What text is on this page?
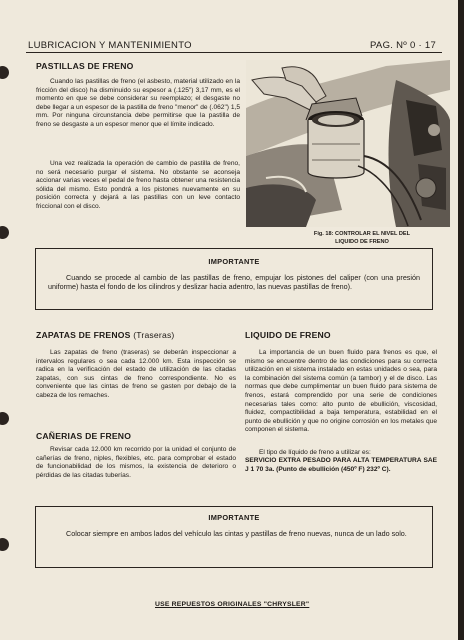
LUBRICACION Y MANTENIMIENTO	PAG. Nº 0 · 17
PASTILLAS DE FRENO
Cuando las pastillas de freno (el asbesto, material utilizado en la fricción del disco) ha disminuido su espesor a (.125") 3,17 mm, es el momento en que se debe considerar su reemplazo; el desgaste no debe llegar a un espesor de la pastilla de freno "menor" de (.062") 1,5 mm. Por ninguna circunstancia debe permitirse que la pastilla de freno se desgaste a un espesor menor que el límite indicado.
Una vez realizada la operación de cambio de pastilla de freno, no será necesario purgar el sistema. No obstante se aconseja accionar varias veces el pedal de freno hasta obtener una resistencia sólida del mismo. Esto pondrá a los pistones nuevamente en su posición correcta y dejará a las pastillas con un leve contacto friccional con el disco.
Fig. 18: CONTROLAR EL NIVEL DEL
LIQUIDO DE FRENO
IMPORTANTE
Cuando se procede al cambio de las pastillas de freno, empujar los pistones del caliper (con una presión uniforme) hasta el fondo de los cilindros y deslizar hacia adentro, las nuevas pastillas de freno).
ZAPATAS DE FRENOS (Traseras)
Las zapatas de freno (traseras) se deberán inspeccionar a intervalos regulares o sea cada 12.000 km. Esta inspección se radica en la verificación del estado de utilización de las citadas zapatas, con sus cintas de freno correspondiente. No es conveniente que las cintas de freno se gasten por debajo de la cabeza de los remaches.
CAÑERIAS DE FRENO
Revisar cada 12.000 km recorrido por la unidad el conjunto de cañerías de freno, niples, flexibles, etc. para comprobar el estado de funcionabilidad de los mismos, la existencia de deterioro o pérdidas de las citadas tuberías.
LIQUIDO DE FRENO
La importancia de un buen fluido para frenos es que, el mismo se encuentre dentro de las condiciones para su correcta utilización en el sistema instalado en estas unidades o sea, para la combinación del sistema común (a tambor) y el de disco. Las normas que debe cumplimentar un buen fluido para sistema de frenos, estará comprendido por una serie de condiciones necesarias tales como: alto punto de ebullición, viscosidad, fluidez, compactibilidad a baja temperatura, estabilidad en el punto de ebullición y que no origine corrosión en los metales que componen el sistema.
El tipo de líquido de freno a utilizar es:
SERVICIO EXTRA PESADO PARA ALTA TEMPERATURA SAE J 1 70 3a. (Punto de ebullición (450º F) 232º C).
IMPORTANTE
Colocar siempre en ambos lados del vehículo las cintas y pastillas de freno nuevas, nunca de un lado solo.
USE REPUESTOS ORIGINALES "CHRYSLER"
